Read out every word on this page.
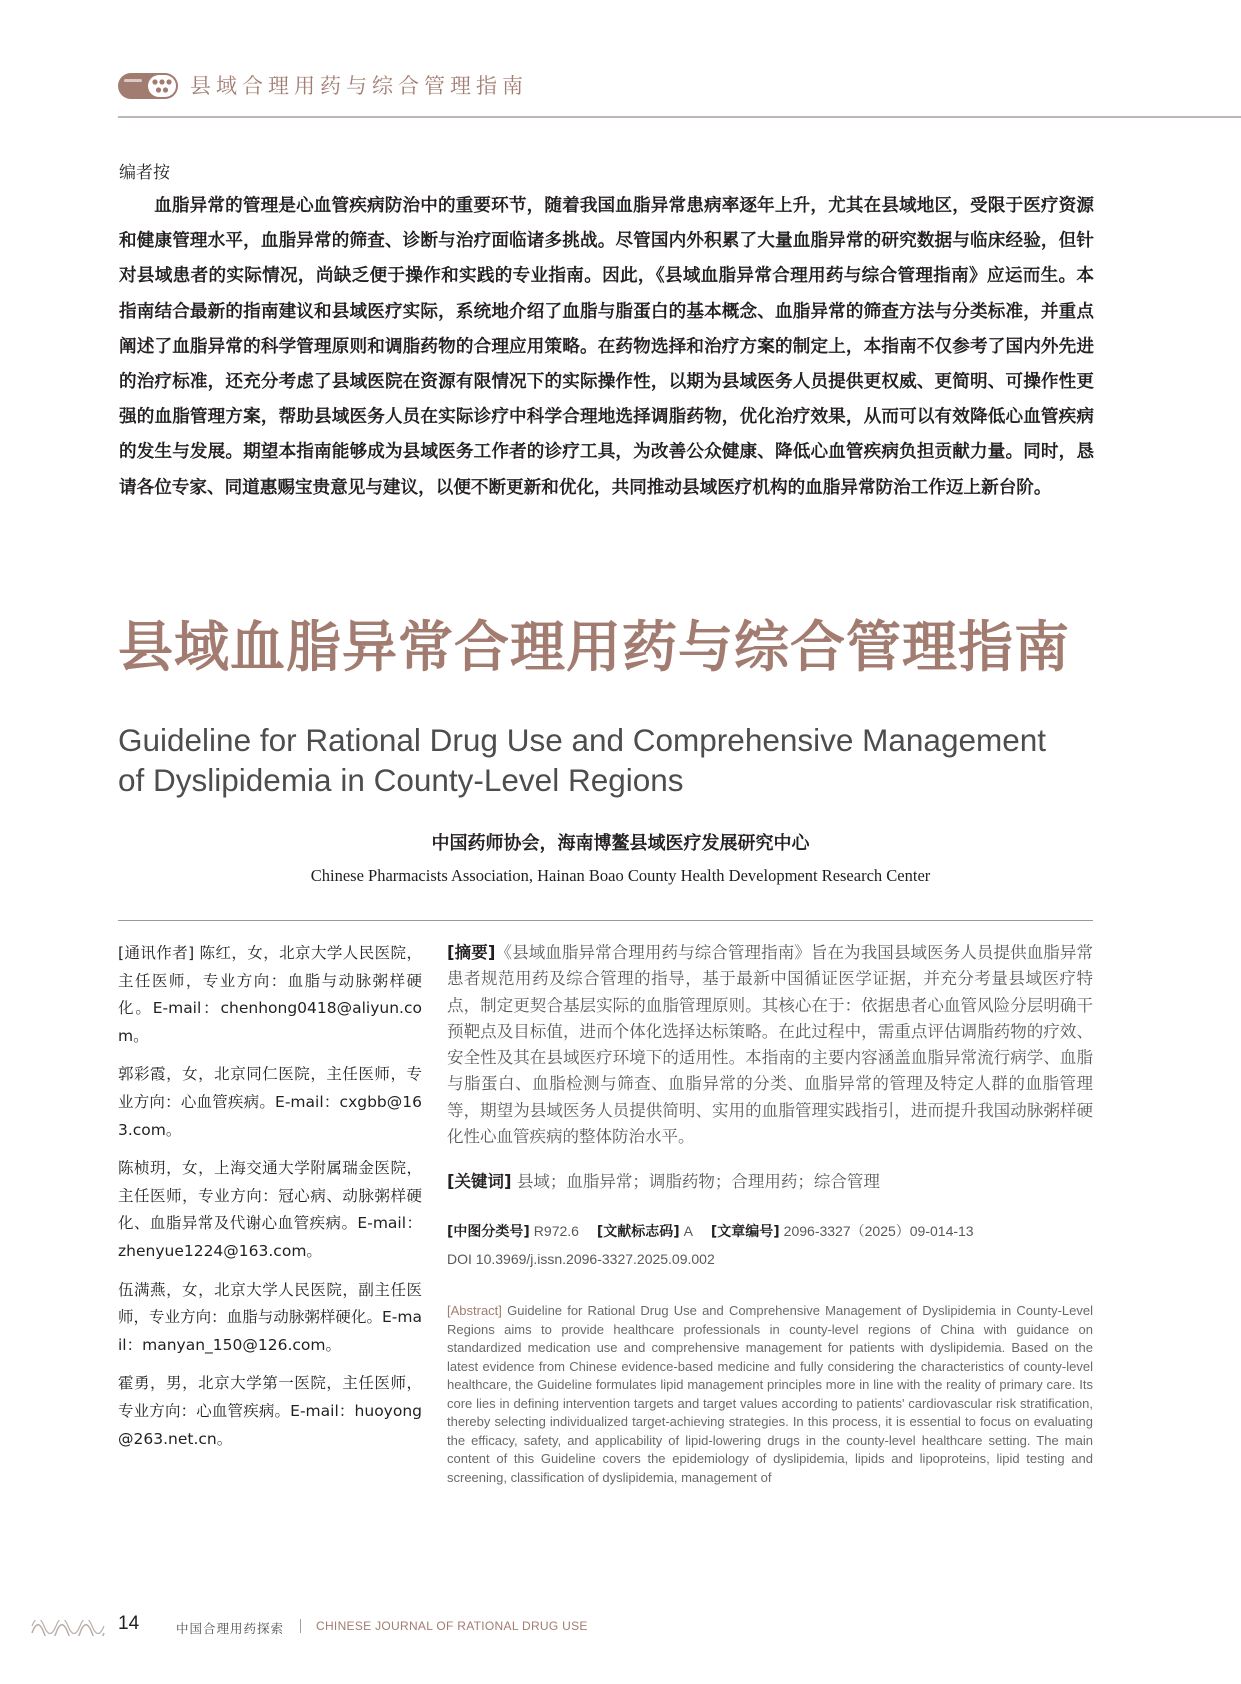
县域合理用药与综合管理指南
编者按
血脂异常的管理是心血管疾病防治中的重要环节，随着我国血脂异常患病率逐年上升，尤其在县域地区，受限于医疗资源和健康管理水平，血脂异常的筛查、诊断与治疗面临诸多挑战。尽管国内外积累了大量血脂异常的研究数据与临床经验，但针对县域患者的实际情况，尚缺乏便于操作和实践的专业指南。因此，《县域血脂异常合理用药与综合管理指南》应运而生。本指南结合最新的指南建议和县域医疗实际，系统地介绍了血脂与脂蛋白的基本概念、血脂异常的筛查方法与分类标准，并重点阐述了血脂异常的科学管理原则和调脂药物的合理应用策略。在药物选择和治疗方案的制定上，本指南不仅参考了国内外先进的治疗标准，还充分考虑了县域医院在资源有限情况下的实际操作性，以期为县域医务人员提供更权威、更简明、可操作性更强的血脂管理方案，帮助县域医务人员在实际诊疗中科学合理地选择调脂药物，优化治疗效果，从而可以有效降低心血管疾病的发生与发展。期望本指南能够成为县域医务工作者的诊疗工具，为改善公众健康、降低心血管疾病负担贡献力量。同时，恳请各位专家、同道惠赐宝贵意见与建议，以便不断更新和优化，共同推动县域医疗机构的血脂异常防治工作迈上新台阶。
县域血脂异常合理用药与综合管理指南
Guideline for Rational Drug Use and Comprehensive Management
of Dyslipidemia in County-Level Regions
中国药师协会，海南博鳌县域医疗发展研究中心
Chinese Pharmacists Association, Hainan Boao County Health Development Research Center

[通讯作者] 陈红，女，北京大学人民医院，主任医师，专业方向：血脂与动脉粥样硬化。E-mail：chenhong0418@aliyun.com。

郭彩霞，女，北京同仁医院，主任医师，专业方向：心血管疾病。E-mail：cxgbb@163.com。

陈桢玥，女，上海交通大学附属瑞金医院，主任医师，专业方向：冠心病、动脉粥样硬化、血脂异常及代谢心血管疾病。E-mail：zhenyue1224@163.com。

伍满燕，女，北京大学人民医院，副主任医师，专业方向：血脂与动脉粥样硬化。E-mail：manyan_150@126.com。

霍勇，男，北京大学第一医院，主任医师，专业方向：心血管疾病。E-mail：huoyong@263.net.cn。

[摘要]《县域血脂异常合理用药与综合管理指南》旨在为我国县域医务人员提供血脂异常患者规范用药及综合管理的指导，基于最新中国循证医学证据，并充分考量县域医疗特点，制定更契合基层实际的血脂管理原则。其核心在于：依据患者心血管风险分层明确干预靶点及目标值，进而个体化选择达标策略。在此过程中，需重点评估调脂药物的疗效、安全性及其在县域医疗环境下的适用性。本指南的主要内容涵盖血脂异常流行病学、血脂与脂蛋白、血脂检测与筛查、血脂异常的分类、血脂异常的管理及特定人群的血脂管理等，期望为县域医务人员提供简明、实用的血脂管理实践指引，进而提升我国动脉粥样硬化性心血管疾病的整体防治水平。

[关键词] 县域；血脂异常；调脂药物；合理用药；综合管理
[中图分类号] R972.6 [文献标志码] A [文章编号] 2096-3327（2025）09-014-13
DOI 10.3969/j.issn.2096-3327.2025.09.002

[Abstract] Guideline for Rational Drug Use and Comprehensive Management of Dyslipidemia in County-Level Regions aims to provide healthcare professionals in county-level regions of China with guidance on standardized medication use and comprehensive management for patients with dyslipidemia. Based on the latest evidence from Chinese evidence-based medicine and fully considering the characteristics of county-level healthcare, the Guideline formulates lipid management principles more in line with the reality of primary care. Its core lies in defining intervention targets and target values according to patients' cardiovascular risk stratification, thereby selecting individualized target-achieving strategies. In this process, it is essential to focus on evaluating the efficacy, safety, and applicability of lipid-lowering drugs in the county-level healthcare setting. The main content of this Guideline covers the epidemiology of dyslipidemia, lipids and lipoproteins, lipid testing and screening, classification of dyslipidemia, management of

14	中国合理用药探索	CHINESE JOURNAL OF RATIONAL DRUG USE
